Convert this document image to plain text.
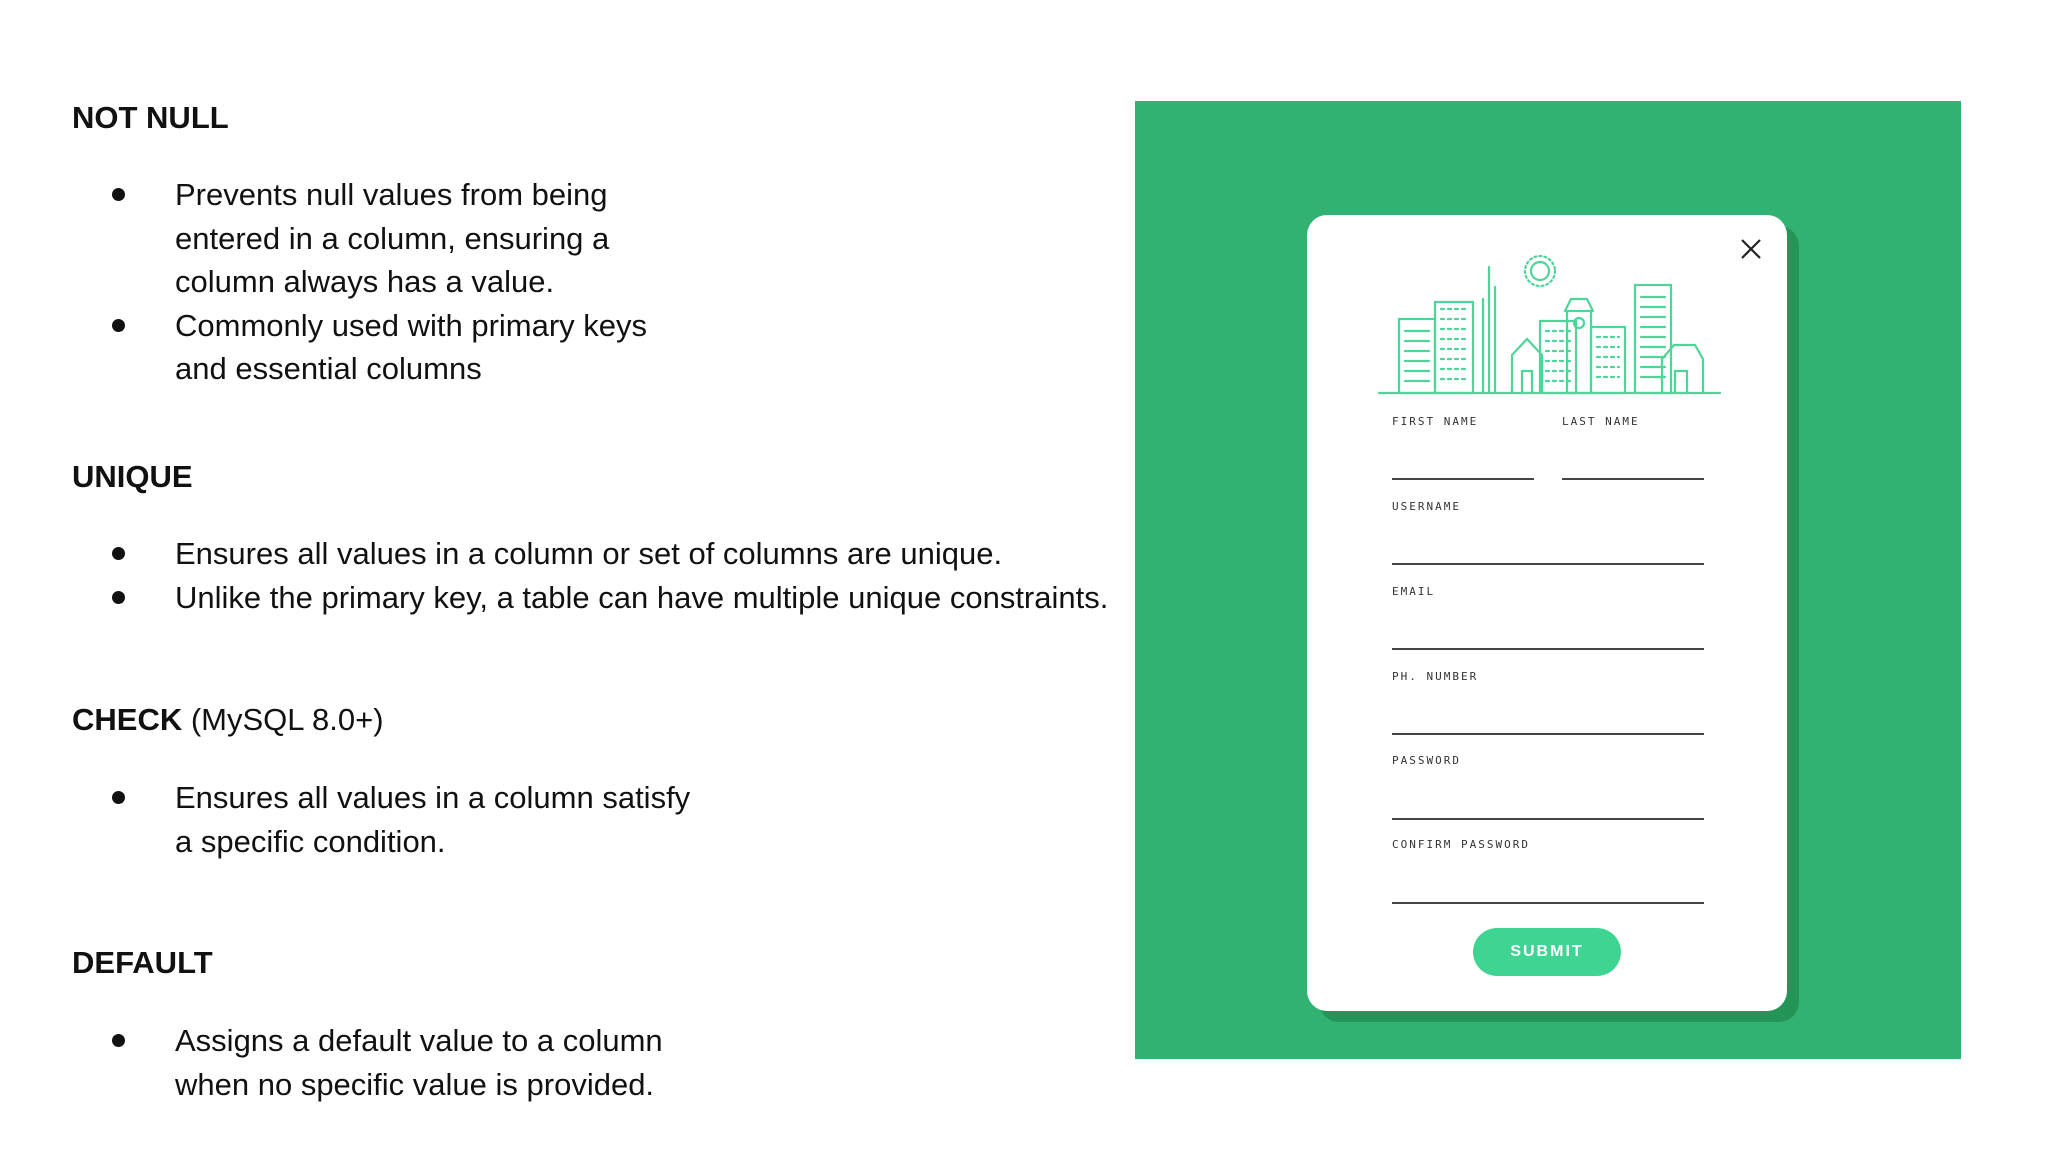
NOT NULL
Prevents null values from being
entered in a column, ensuring a
column always has a value.
Commonly used with primary keys
and essential columns
UNIQUE
Ensures all values in a column or set of columns are unique.
Unlike the primary key, a table can have multiple unique constraints.
CHECK (MySQL 8.0+)
Ensures all values in a column satisfy
a specific condition.
DEFAULT
Assigns a default value to a column
when no specific value is provided.
FIRST NAME	LAST NAME
USERNAME
EMAIL
PH. NUMBER
PASSWORD
CONFIRM PASSWORD
SUBMIT
